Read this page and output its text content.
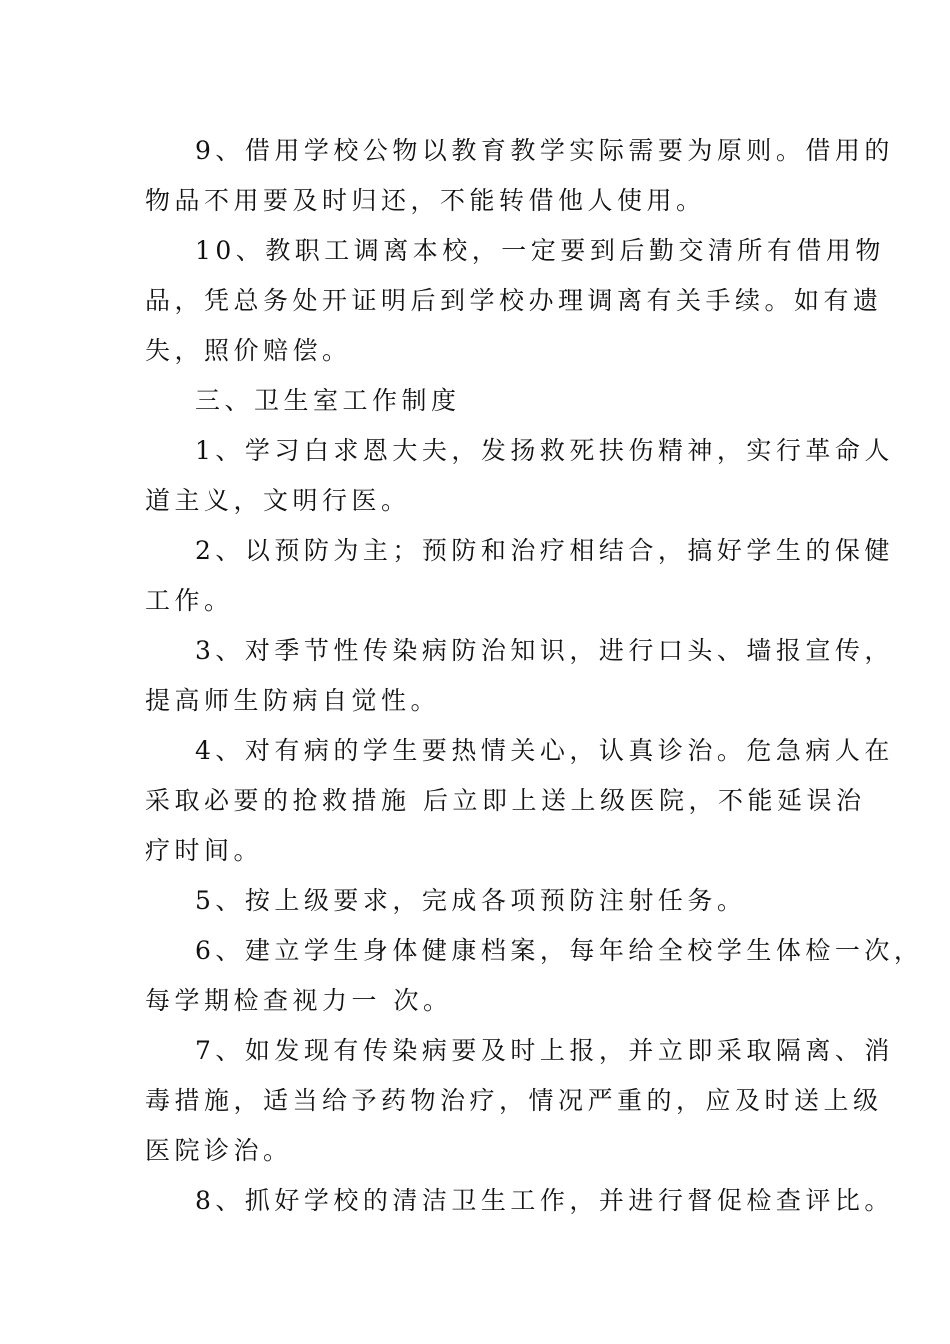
9、借用学校公物以教育教学实际需要为原则。借用的
物品不用要及时归还，不能转借他人使用。
10、教职工调离本校，一定要到后勤交清所有借用物
品，凭总务处开证明后到学校办理调离有关手续。如有遗
失，照价赔偿。
三、卫生室工作制度
1、学习白求恩大夫，发扬救死扶伤精神，实行革命人
道主义，文明行医。
2、以预防为主；预防和治疗相结合，搞好学生的保健
工作。
3、对季节性传染病防治知识，进行口头、墙报宣传，
提高师生防病自觉性。
4、对有病的学生要热情关心，认真诊治。危急病人在
采取必要的抢救措施 后立即上送上级医院，不能延误治
疗时间。
5、按上级要求，完成各项预防注射任务。
6、建立学生身体健康档案，每年给全校学生体检一次，
每学期检查视力一 次。
7、如发现有传染病要及时上报，并立即采取隔离、消
毒措施，适当给予药物治疗，情况严重的，应及时送上级
医院诊治。
8、抓好学校的清洁卫生工作，并进行督促检查评比。
